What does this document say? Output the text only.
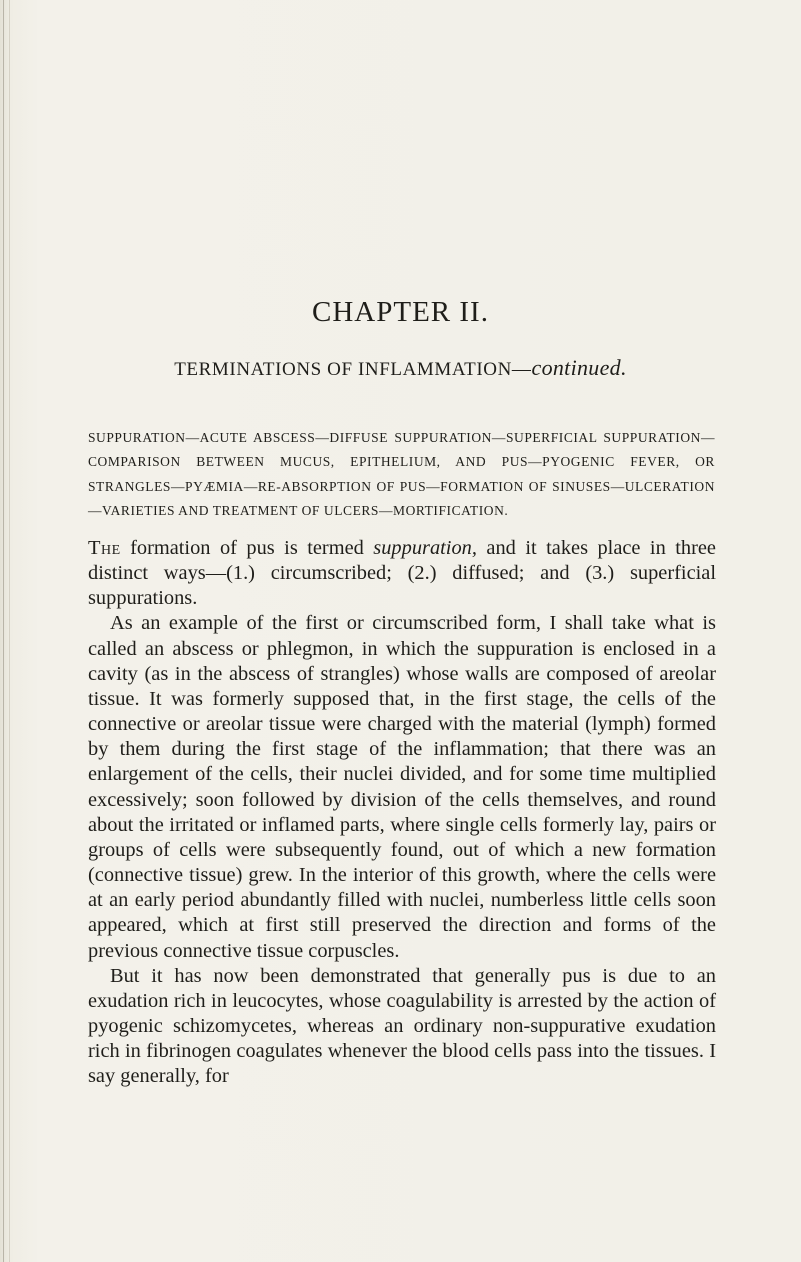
CHAPTER II.
TERMINATIONS OF INFLAMMATION—continued.

SUPPURATION—ACUTE ABSCESS—DIFFUSE SUPPURATION—SUPERFICIAL SUPPURATION—COMPARISON BETWEEN MUCUS, EPITHELIUM, AND PUS—PYOGENIC FEVER, OR STRANGLES—PYÆMIA—RE-ABSORPTION OF PUS—FORMATION OF SINUSES—ULCERATION—VARIETIES AND TREATMENT OF ULCERS—MORTIFICATION.

The formation of pus is termed suppuration, and it takes place in three distinct ways—(1.) circumscribed; (2.) diffused; and (3.) superficial suppurations.

As an example of the first or circumscribed form, I shall take what is called an abscess or phlegmon, in which the suppuration is enclosed in a cavity (as in the abscess of strangles) whose walls are composed of areolar tissue. It was formerly supposed that, in the first stage, the cells of the connective or areolar tissue were charged with the material (lymph) formed by them during the first stage of the inflammation; that there was an enlargement of the cells, their nuclei divided, and for some time multiplied excessively; soon followed by division of the cells themselves, and round about the irritated or inflamed parts, where single cells formerly lay, pairs or groups of cells were subsequently found, out of which a new formation (connective tissue) grew. In the interior of this growth, where the cells were at an early period abundantly filled with nuclei, numberless little cells soon appeared, which at first still preserved the direction and forms of the previous connective tissue corpuscles.

But it has now been demonstrated that generally pus is due to an exudation rich in leucocytes, whose coagulability is arrested by the action of pyogenic schizomycetes, whereas an ordinary non-suppurative exudation rich in fibrinogen coagulates whenever the blood cells pass into the tissues. I say generally, for
